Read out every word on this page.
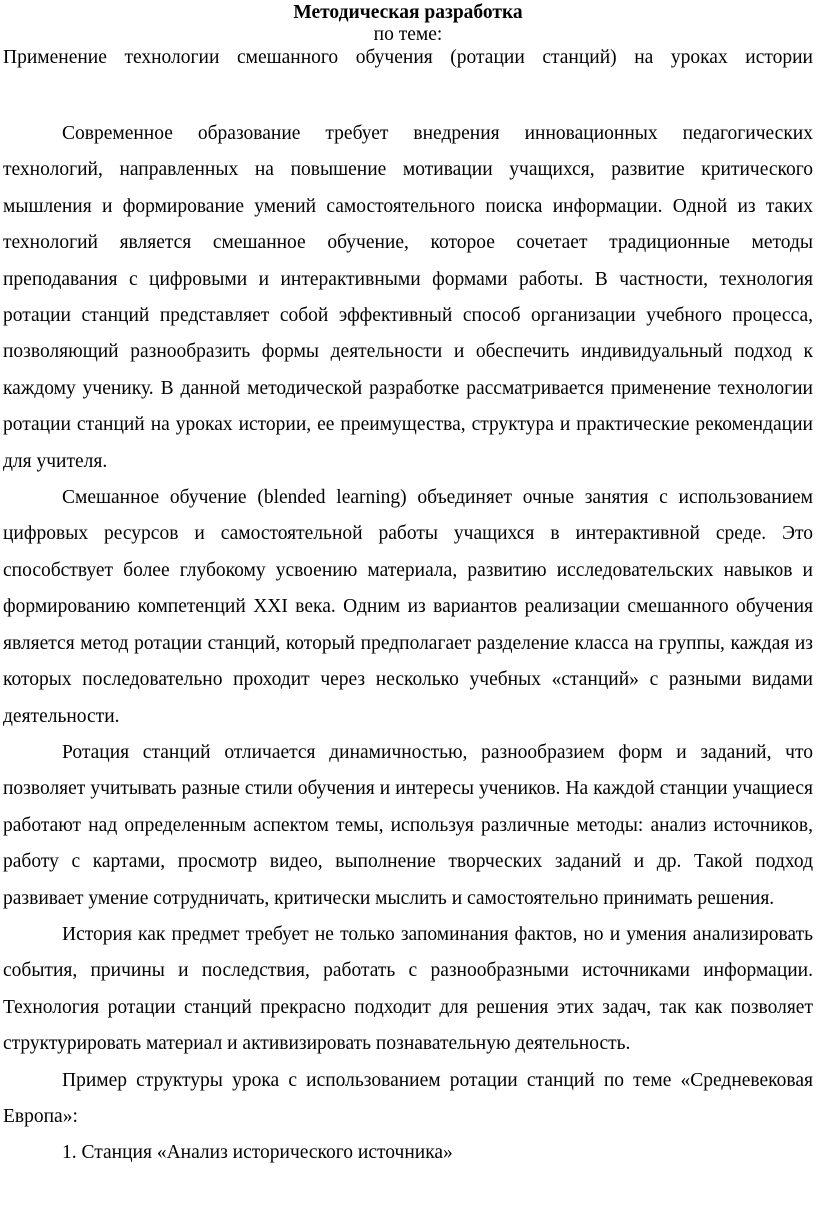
Методическая разработка

по теме:

Применение технологии смешанного обучения (ротации станций) на уроках истории

Современное образование требует внедрения инновационных педагогических технологий, направленных на повышение мотивации учащихся, развитие критического мышления и формирование умений самостоятельного поиска информации. Одной из таких технологий является смешанное обучение, которое сочетает традиционные методы преподавания с цифровыми и интерактивными формами работы. В частности, технология ротации станций представляет собой эффективный способ организации учебного процесса, позволяющий разнообразить формы деятельности и обеспечить индивидуальный подход к каждому ученику. В данной методической разработке рассматривается применение технологии ротации станций на уроках истории, ее преимущества, структура и практические рекомендации для учителя.

Смешанное обучение (blended learning) объединяет очные занятия с использованием цифровых ресурсов и самостоятельной работы учащихся в интерактивной среде. Это способствует более глубокому усвоению материала, развитию исследовательских навыков и формированию компетенций XXI века. Одним из вариантов реализации смешанного обучения является метод ротации станций, который предполагает разделение класса на группы, каждая из которых последовательно проходит через несколько учебных «станций» с разными видами деятельности.

Ротация станций отличается динамичностью, разнообразием форм и заданий, что позволяет учитывать разные стили обучения и интересы учеников. На каждой станции учащиеся работают над определенным аспектом темы, используя различные методы: анализ источников, работу с картами, просмотр видео, выполнение творческих заданий и др. Такой подход развивает умение сотрудничать, критически мыслить и самостоятельно принимать решения.

История как предмет требует не только запоминания фактов, но и умения анализировать события, причины и последствия, работать с разнообразными источниками информации. Технология ротации станций прекрасно подходит для решения этих задач, так как позволяет структурировать материал и активизировать познавательную деятельность.

Пример структуры урока с использованием ротации станций по теме «Средневековая Европа»:

1. Станция «Анализ исторического источника»
